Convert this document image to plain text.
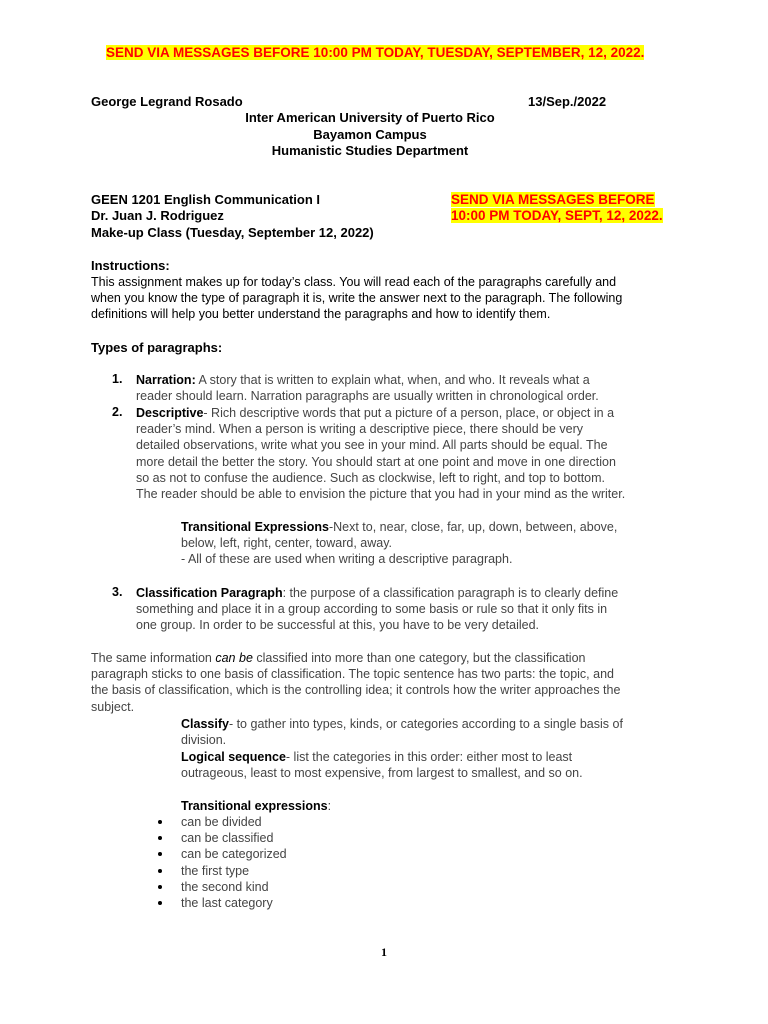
SEND VIA MESSAGES BEFORE 10:00 PM TODAY, TUESDAY, SEPTEMBER, 12, 2022.
George Legrand Rosado	13/Sep./2022
Inter American University of Puerto Rico
Bayamon Campus
Humanistic Studies Department
GEEN 1201 English Communication I
Dr. Juan J. Rodriguez
Make-up Class (Tuesday, September 12, 2022)
SEND VIA MESSAGES BEFORE
10:00 PM TODAY, SEPT, 12, 2022.
Instructions:
This assignment makes up for today’s class. You will read each of the paragraphs carefully and
when you know the type of paragraph it is, write the answer next to the paragraph. The following
definitions will help you better understand the paragraphs and how to identify them.
Types of paragraphs:
1. Narration: A story that is written to explain what, when, and who. It reveals what a
reader should learn. Narration paragraphs are usually written in chronological order.
2. Descriptive- Rich descriptive words that put a picture of a person, place, or object in a
reader’s mind. When a person is writing a descriptive piece, there should be very
detailed observations, write what you see in your mind. All parts should be equal. The
more detail the better the story. You should start at one point and move in one direction
so as not to confuse the audience. Such as clockwise, left to right, and top to bottom.
The reader should be able to envision the picture that you had in your mind as the writer.
Transitional Expressions-Next to, near, close, far, up, down, between, above,
below, left, right, center, toward, away.
- All of these are used when writing a descriptive paragraph.
3. Classification Paragraph: the purpose of a classification paragraph is to clearly define
something and place it in a group according to some basis or rule so that it only fits in
one group. In order to be successful at this, you have to be very detailed.
The same information can be classified into more than one category, but the classification
paragraph sticks to one basis of classification. The topic sentence has two parts: the topic, and
the basis of classification, which is the controlling idea; it controls how the writer approaches the
subject.
Classify- to gather into types, kinds, or categories according to a single basis of
division.
Logical sequence- list the categories in this order: either most to least
outrageous, least to most expensive, from largest to smallest, and so on.
Transitional expressions:
can be divided
can be classified
can be categorized
the first type
the second kind
the last category
1
